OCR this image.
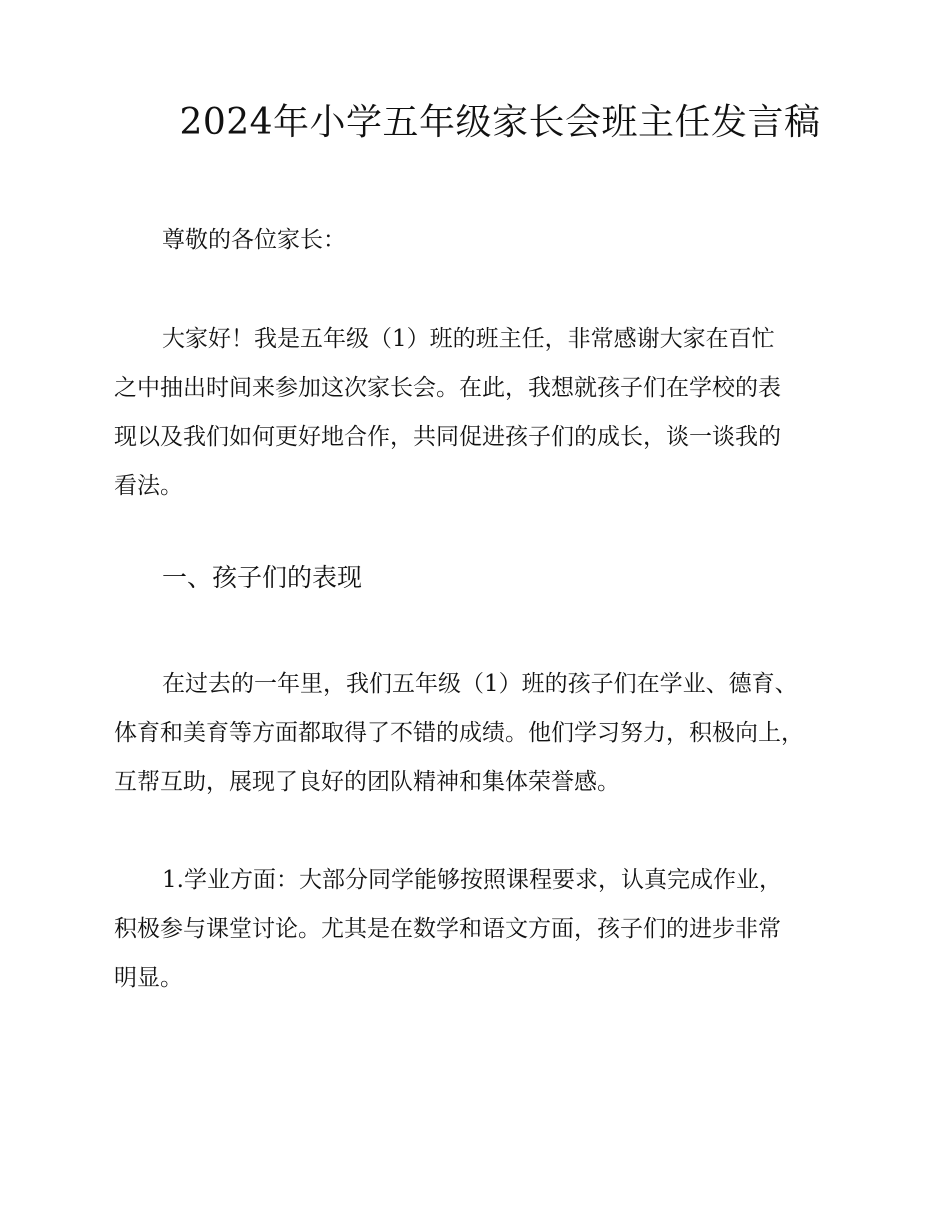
2024年小学五年级家长会班主任发言稿
尊敬的各位家长：
大家好！我是五年级（1）班的班主任，非常感谢大家在百忙
之中抽出时间来参加这次家长会。在此，我想就孩子们在学校的表
现以及我们如何更好地合作，共同促进孩子们的成长，谈一谈我的
看法。
一、孩子们的表现
在过去的一年里，我们五年级（1）班的孩子们在学业、德育、
体育和美育等方面都取得了不错的成绩。他们学习努力，积极向上，
互帮互助，展现了良好的团队精神和集体荣誉感。
1.学业方面：大部分同学能够按照课程要求，认真完成作业，
积极参与课堂讨论。尤其是在数学和语文方面，孩子们的进步非常
明显。
